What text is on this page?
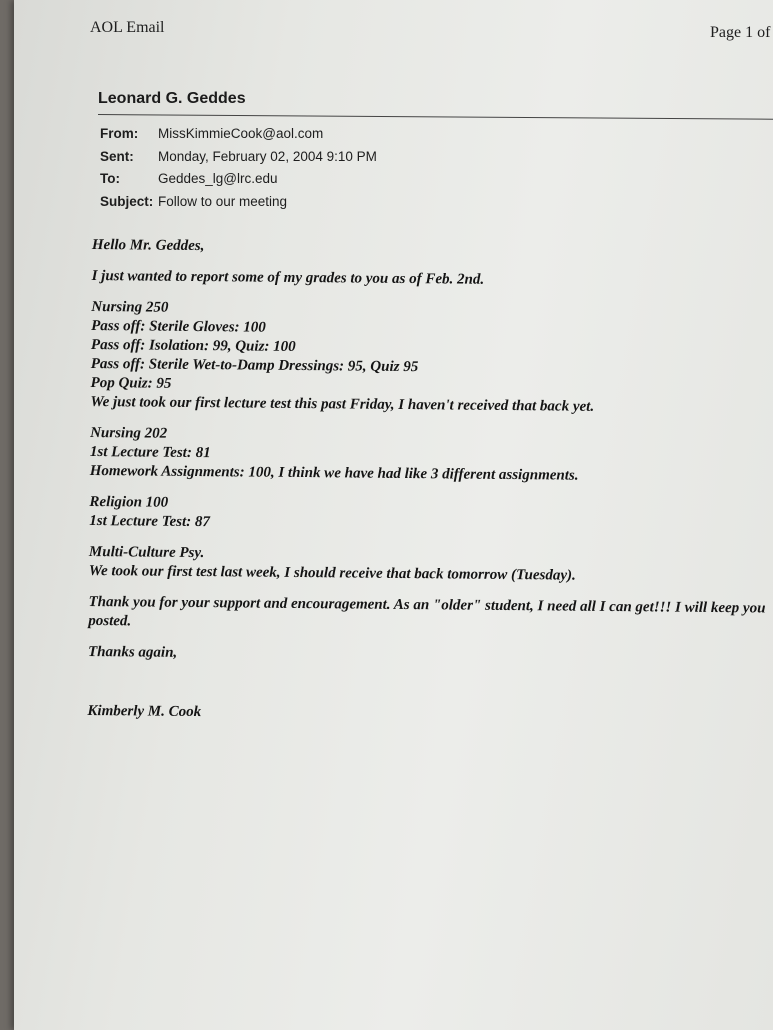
AOL Email	Page 1 of
Leonard G. Geddes
From: MissKimmieCook@aol.com
Sent: Monday, February 02, 2004 9:10 PM
To:	Geddes_lg@lrc.edu
Subject: Follow to our meeting

Hello Mr. Geddes,

I just wanted to report some of my grades to you as of Feb. 2nd.

Nursing 250
Pass off: Sterile Gloves: 100
Pass off: Isolation: 99, Quiz: 100
Pass off: Sterile Wet-to-Damp Dressings: 95, Quiz 95
Pop Quiz: 95
We just took our first lecture test this past Friday, I haven't received that back yet.
Nursing 202
1st Lecture Test: 81
Homework Assignments: 100, I think we have had like 3 different assignments.
Religion 100
1st Lecture Test: 87
Multi-Culture Psy.
We took our first test last week, I should receive that back tomorrow (Tuesday).

Thank you for your support and encouragement. As an "older" student, I need all I can get!!! I will keep you posted.

Thanks again,

Kimberly M. Cook
